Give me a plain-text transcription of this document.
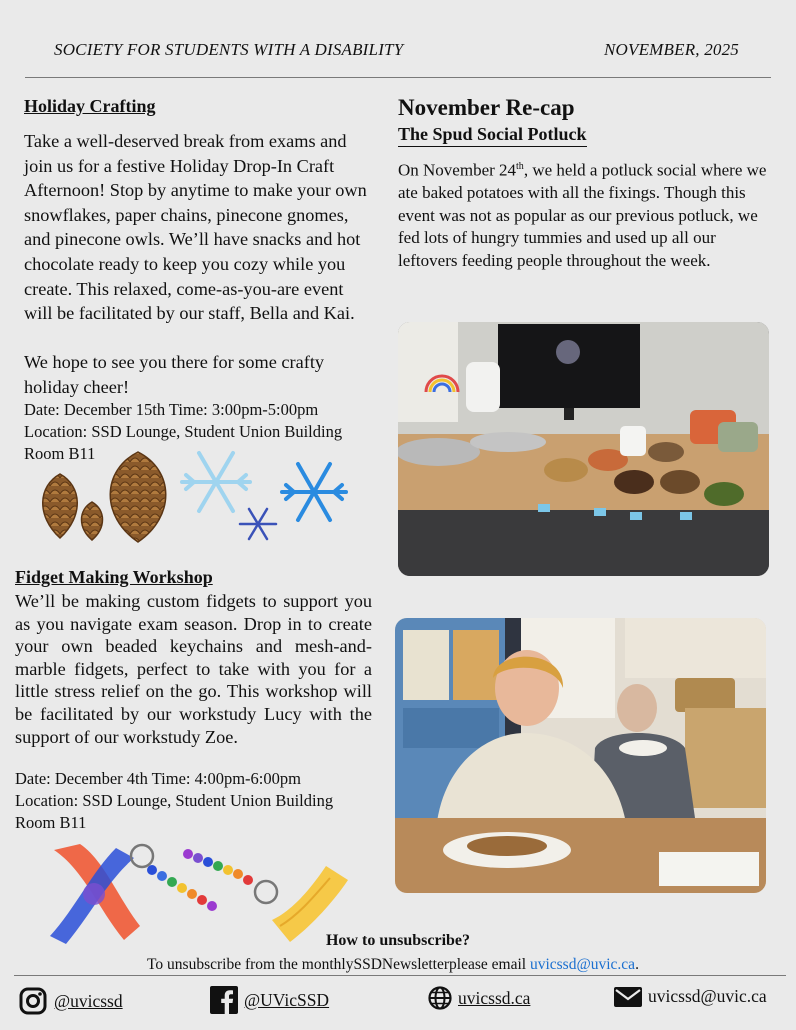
SOCIETY FOR STUDENTS WITH A DISABILITY	NOVEMBER, 2025
Holiday Crafting
Take a well-deserved break from exams and join us for a festive Holiday Drop-In Craft Afternoon! Stop by anytime to make your own snowflakes, paper chains, pinecone gnomes, and pinecone owls. We’ll have snacks and hot chocolate ready to keep you cozy while you create. This relaxed, come-as-you-are event will be facilitated by our staff, Bella and Kai.
We hope to see you there for some crafty holiday cheer!
Date: December 15th Time: 3:00pm-5:00pm
Location: SSD Lounge, Student Union Building Room B11
Fidget Making Workshop
We’ll be making custom fidgets to support you as you navigate exam season. Drop in to create your own beaded keychains and mesh-and- marble fidgets, perfect to take with you for a little stress relief on the go. This workshop will be facilitated by our workstudy Lucy with the support of our workstudy Zoe.
Date: December 4th Time: 4:00pm-6:00pm
Location: SSD Lounge, Student Union Building Room B11
November Re-cap
The Spud Social Potluck
On November 24th, we held a potluck social where we ate baked potatoes with all the fixings. Though this event was not as popular as our previous potluck, we fed lots of hungry tummies and used up all our leftovers feeding people throughout the week.
How to unsubscribe?
To unsubscribe from the monthlySSDNewsletterplease email uvicssd@uvic.ca.
@uvicssd	@UVicSSD	uvicssd.ca	uvicssd@uvic.ca
